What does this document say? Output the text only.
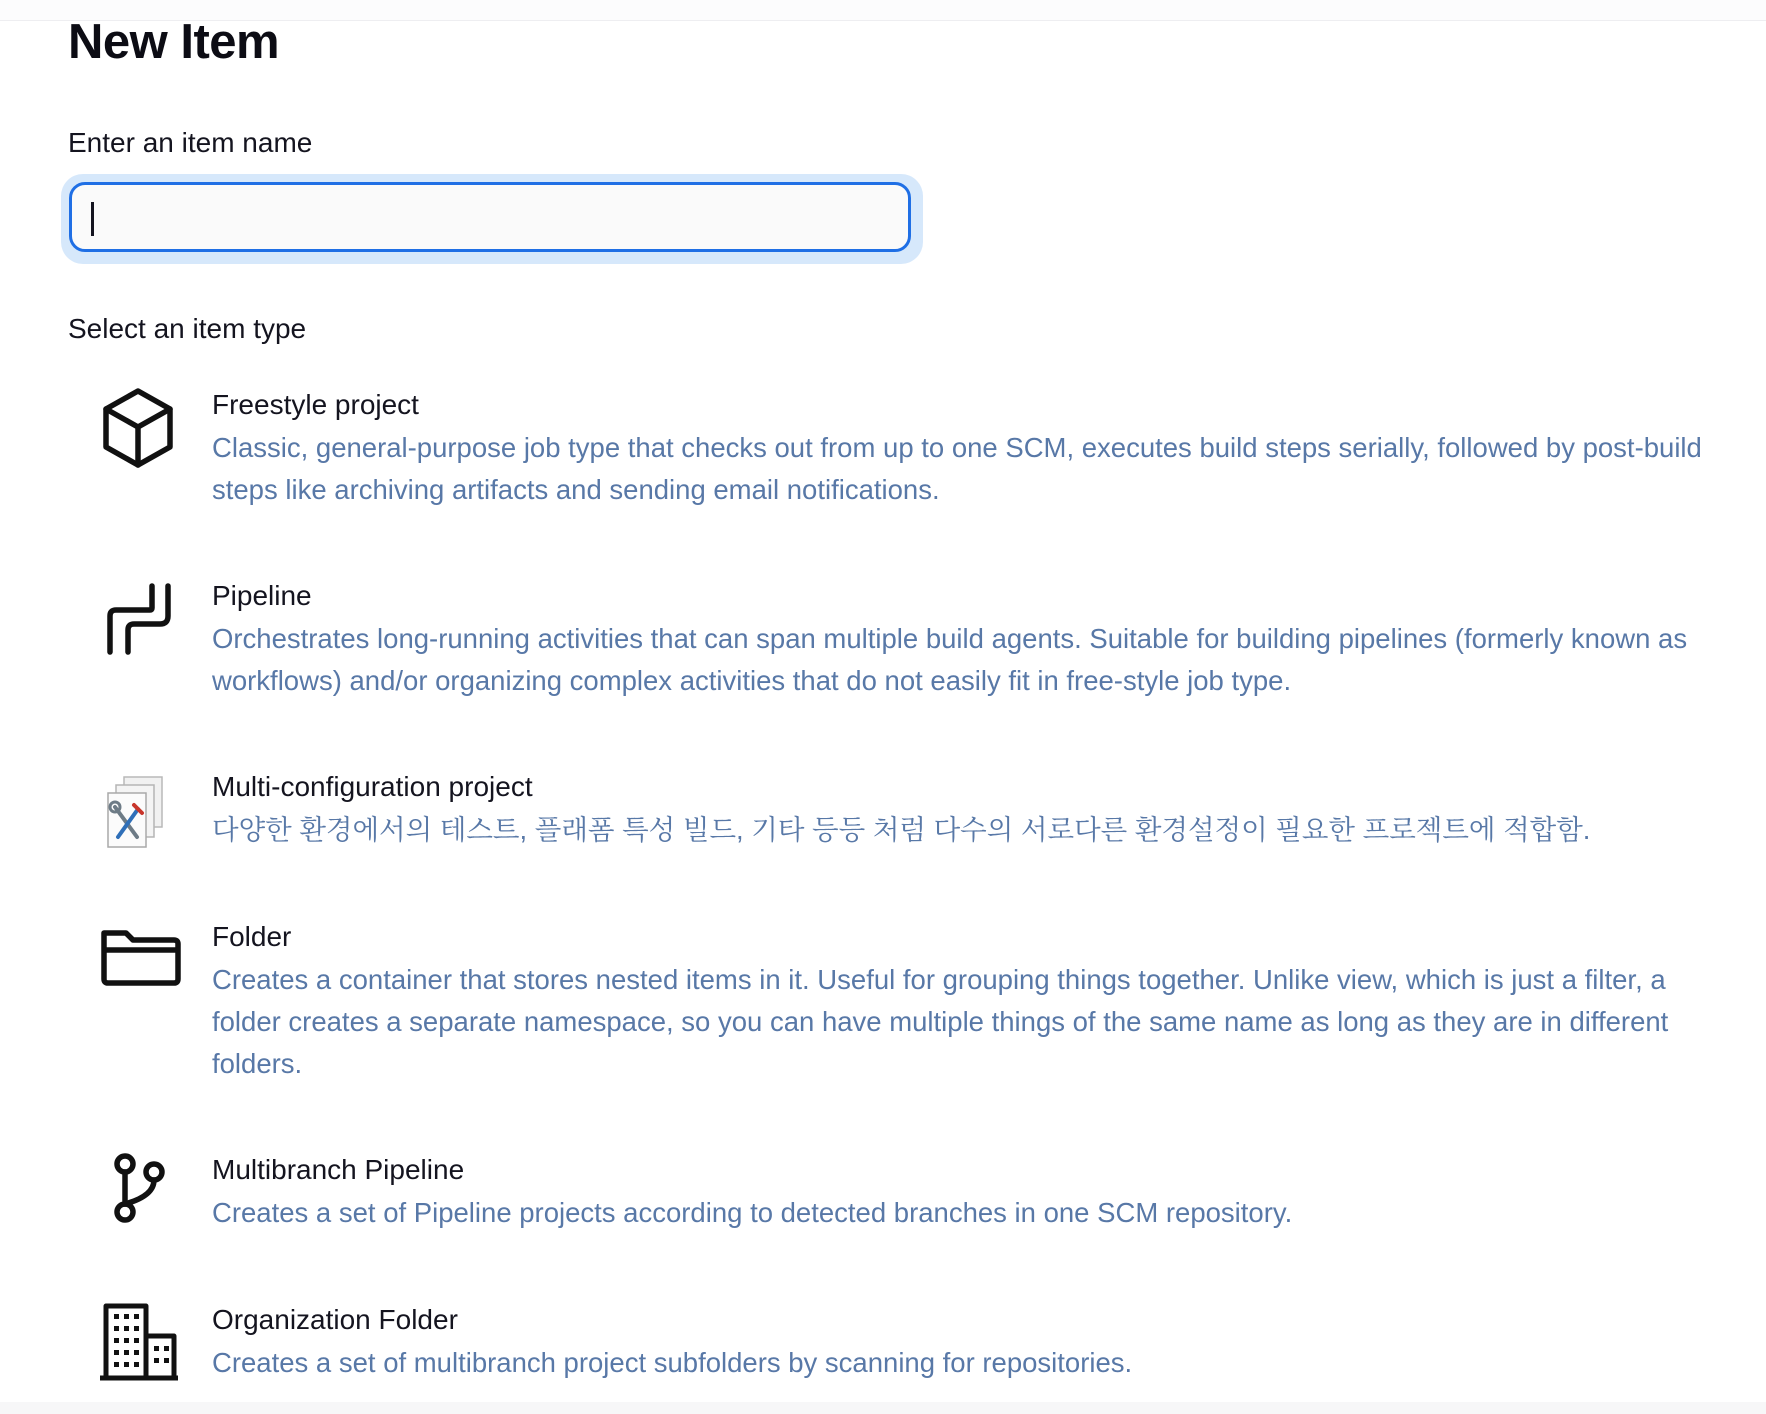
New Item
Enter an item name
Select an item type
Freestyle project
Classic, general-purpose job type that checks out from up to one SCM, executes build steps serially, followed by post-build steps like archiving artifacts and sending email notifications.
Pipeline
Orchestrates long-running activities that can span multiple build agents. Suitable for building pipelines (formerly known as workflows) and/or organizing complex activities that do not easily fit in free-style job type.
Multi-configuration project
다양한 환경에서의 테스트, 플래폼 특성 빌드, 기타 등등 처럼 다수의 서로다른 환경설정이 필요한 프로젝트에 적합함.
Folder
Creates a container that stores nested items in it. Useful for grouping things together. Unlike view, which is just a filter, a folder creates a separate namespace, so you can have multiple things of the same name as long as they are in different folders.
Multibranch Pipeline
Creates a set of Pipeline projects according to detected branches in one SCM repository.
Organization Folder
Creates a set of multibranch project subfolders by scanning for repositories.
